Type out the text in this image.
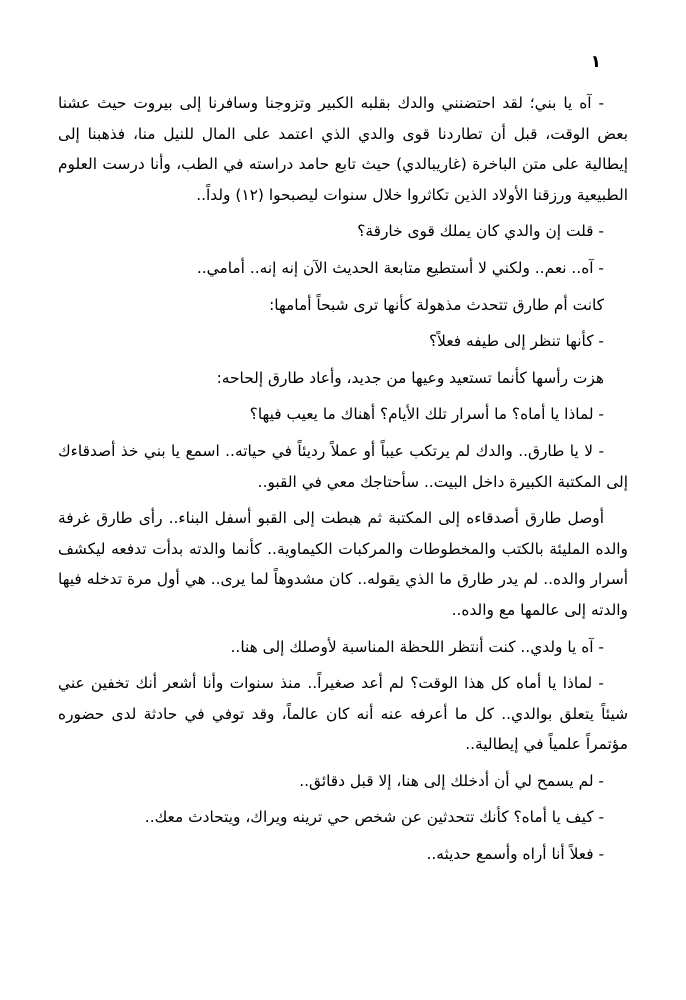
١

- آه يا بني؛ لقد احتضنني والدك بقلبه الكبير وتزوجنا وسافرنا إلى بيروت حيث عشنا بعض الوقت، قبل أن تطاردنا قوى والدي الذي اعتمد على المال للنيل منا، فذهبنا إلى إيطالية على متن الباخرة (غاريبالدي) حيث تابع حامد دراسته في الطب، وأنا درست العلوم الطبيعية ورزقنا الأولاد الذين تكاثروا خلال سنوات ليصبحوا (١٢) ولداً..

- قلت إن والدي كان يملك قوى خارقة؟

- آه.. نعم.. ولكني لا أستطيع متابعة الحديث الآن إنه إنه.. أمامي..

كانت أم طارق تتحدث مذهولة كأنها ترى شبحاً أمامها:

- كأنها تنظر إلى طيفه فعلاً؟

هزت رأسها كأنما تستعيد وعيها من جديد، وأعاد طارق إلحاحه:

- لماذا يا أماه؟ ما أسرار تلك الأيام؟ أهناك ما يعيب فيها؟

- لا يا طارق.. والدك لم يرتكب عيباً أو عملاً رديئاً في حياته.. اسمع يا بني خذ أصدقاءك إلى المكتبة الكبيرة داخل البيت.. سأحتاجك معي في القبو..

أوصل طارق أصدقاءه إلى المكتبة ثم هبطت إلى القبو أسفل البناء.. رأى طارق غرفة والده المليئة بالكتب والمخطوطات والمركبات الكيماوية.. كأنما والدته بدأت تدفعه ليكشف أسرار والده.. لم يدر طارق ما الذي يقوله.. كان مشدوهاً لما يرى.. هي أول مرة تدخله فيها والدته إلى عالمها مع والده..

- آه يا ولدي.. كنت أنتظر اللحظة المناسبة لأوصلك إلى هنا..

- لماذا يا أماه كل هذا الوقت؟ لم أعد صغيراً.. منذ سنوات وأنا أشعر أنك تخفين عني شيئاً يتعلق بوالدي.. كل ما أعرفه عنه أنه كان عالماً، وقد توفي في حادثة لدى حضوره مؤتمراً علمياً في إيطالية..

- لم يسمح لي أن أدخلك إلى هنا، إلا قبل دقائق..

- كيف يا أماه؟ كأنك تتحدثين عن شخص حي ترينه ويراك، ويتحادث معك..

- فعلاً أنا أراه وأسمع حديثه..
